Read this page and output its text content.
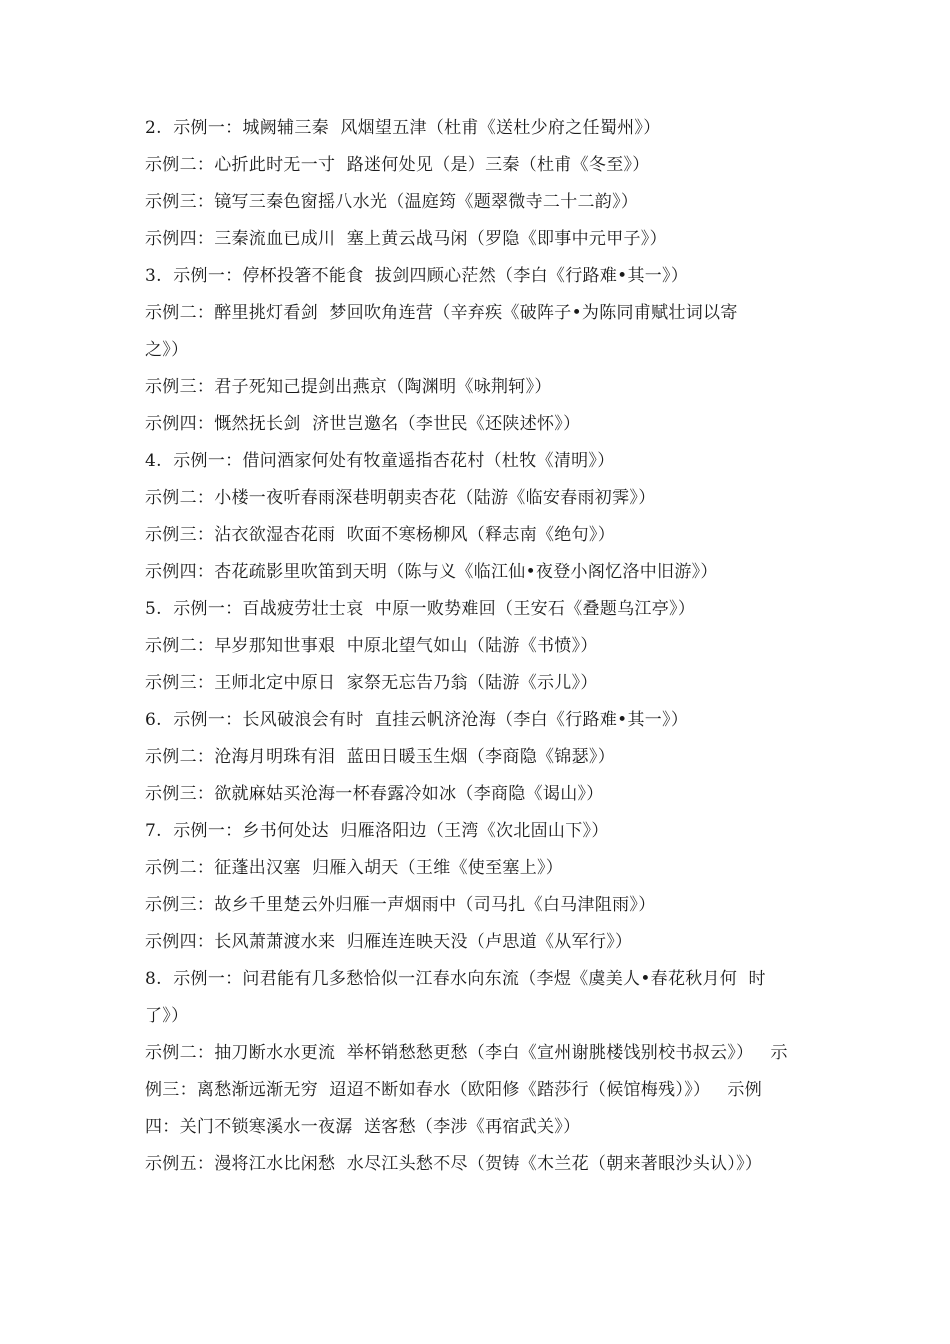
2.  示例一：城阙辅三秦  风烟望五津（杜甫《送杜少府之任蜀州》）
示例二：心折此时无一寸  路迷何处见（是）三秦（杜甫《冬至》）
示例三：镜写三秦色窗摇八水光（温庭筠《题翠微寺二十二韵》）
示例四：三秦流血已成川  塞上黄云战马闲（罗隐《即事中元甲子》）
3.  示例一：停杯投箸不能食  拔剑四顾心茫然（李白《行路难•其一》）
示例二：醉里挑灯看剑  梦回吹角连营（辛弃疾《破阵子•为陈同甫赋壮词以寄
之》）
示例三：君子死知己提剑出燕京（陶渊明《咏荆轲》）
示例四：慨然抚长剑  济世岂邀名（李世民《还陕述怀》）
4.  示例一：借问酒家何处有牧童遥指杏花村（杜牧《清明》）
示例二：小楼一夜听春雨深巷明朝卖杏花（陆游《临安春雨初霁》）
示例三：沾衣欲湿杏花雨  吹面不寒杨柳风（释志南《绝句》）
示例四：杏花疏影里吹笛到天明（陈与义《临江仙•夜登小阁忆洛中旧游》）
5.  示例一：百战疲劳壮士哀  中原一败势难回（王安石《叠题乌江亭》）
示例二：早岁那知世事艰  中原北望气如山（陆游《书愤》）
示例三：王师北定中原日  家祭无忘告乃翁（陆游《示儿》）
6.  示例一：长风破浪会有时  直挂云帆济沧海（李白《行路难•其一》）
示例二：沧海月明珠有泪  蓝田日暖玉生烟（李商隐《锦瑟》）
示例三：欲就麻姑买沧海一杯春露冷如冰（李商隐《谒山》）
7.  示例一：乡书何处达  归雁洛阳边（王湾《次北固山下》）
示例二：征蓬出汉塞  归雁入胡天（王维《使至塞上》）
示例三：故乡千里楚云外归雁一声烟雨中（司马扎《白马津阻雨》）
示例四：长风萧萧渡水来  归雁连连映天没（卢思道《从军行》）
8.  示例一：问君能有几多愁恰似一江春水向东流（李煜《虞美人•春花秋月何  时
了》）
示例二：抽刀断水水更流  举杯销愁愁更愁（李白《宣州谢朓楼饯别校书叔云》）   示
例三：离愁渐远渐无穷  迢迢不断如春水（欧阳修《踏莎行（候馆梅残）》）   示例
四：关门不锁寒溪水一夜潺  送客愁（李涉《再宿武关》）
示例五：漫将江水比闲愁  水尽江头愁不尽（贺铸《木兰花（朝来著眼沙头认）》）
